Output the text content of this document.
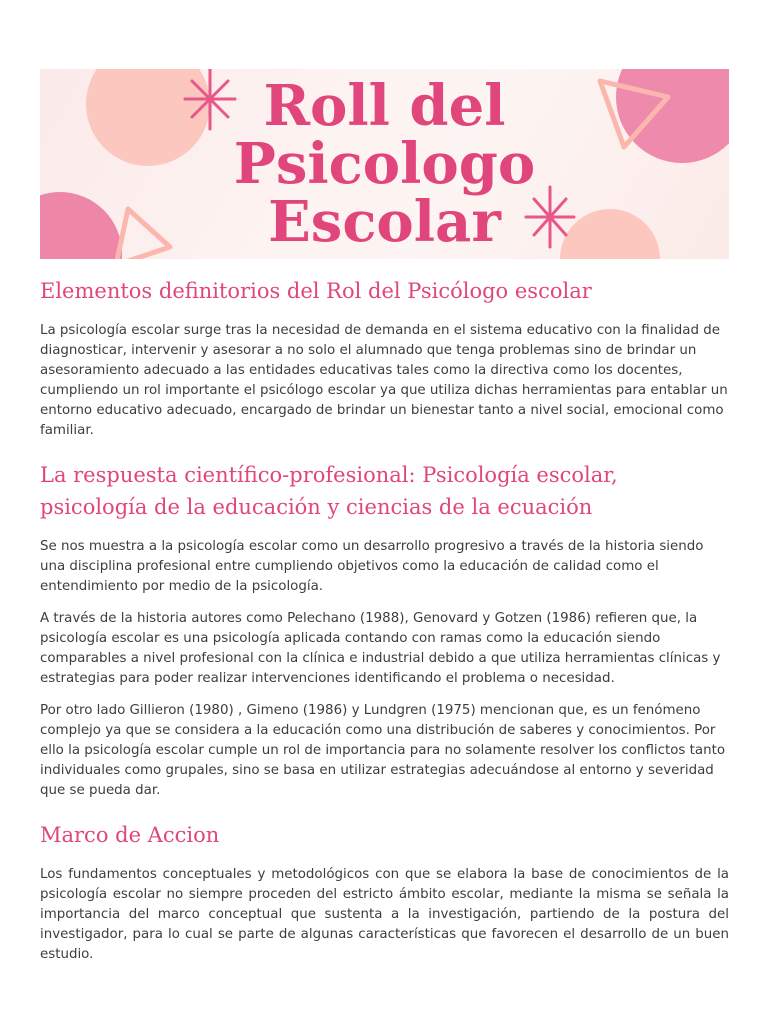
Roll del
Psicologo
Escolar
Elementos definitorios del Rol del Psicólogo escolar

La psicología escolar surge tras la necesidad de demanda en el sistema educativo con la finalidad de diagnosticar, intervenir y asesorar a no solo el alumnado que tenga problemas sino de brindar un asesoramiento adecuado a las entidades educativas tales como la directiva como los docentes, cumpliendo un rol importante el psicólogo escolar ya que utiliza dichas herramientas para entablar un entorno educativo adecuado, encargado de brindar un bienestar tanto a nivel social, emocional como familiar.

La respuesta científico-profesional: Psicología escolar, psicología de la educación y ciencias de la ecuación

Se nos muestra a la psicología escolar como un desarrollo progresivo a través de la historia siendo una disciplina profesional entre cumpliendo objetivos como la educación de calidad como el entendimiento por medio de la psicología.

A través de la historia autores como Pelechano (1988), Genovard y Gotzen (1986) refieren que, la psicología escolar es una psicología aplicada contando con ramas como la educación siendo comparables a nivel profesional con la clínica e industrial debido a que utiliza herramientas clínicas y estrategias para poder realizar intervenciones identificando el problema o necesidad.

Por otro lado Gillieron (1980) , Gimeno (1986) y Lundgren (1975) mencionan que, es un fenómeno complejo ya que se considera a la educación como una distribución de saberes y conocimientos. Por ello la psicología escolar cumple un rol de importancia para no solamente resolver los conflictos tanto individuales como grupales, sino se basa en utilizar estrategias adecuándose al entorno y severidad que se pueda dar.

Marco de Accion

Los fundamentos conceptuales y metodológicos con que se elabora la base de conocimientos de la psicología escolar no siempre proceden del estricto ámbito escolar, mediante la misma se señala la importancia del marco conceptual que sustenta a la investigación, partiendo de la postura del investigador, para lo cual se parte de algunas características que favorecen el desarrollo de un buen estudio.
